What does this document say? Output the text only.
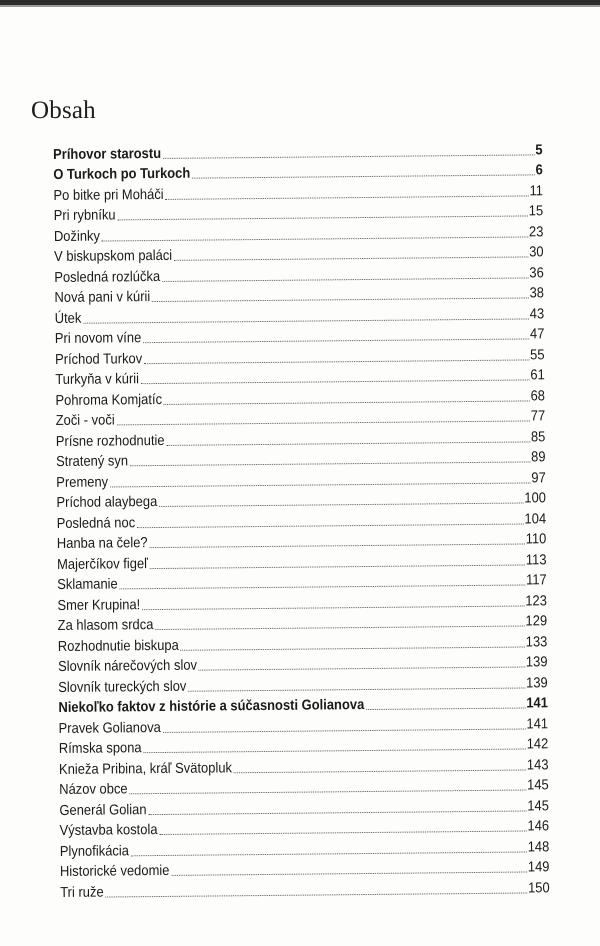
Obsah
Príhovor starostu	5
O Turkoch po Turkoch	6
Po bitke pri Moháči	11
Pri rybníku	15
Dožinky	23
V biskupskom paláci	30
Posledná rozlúčka	36
Nová pani v kúrii	38
Útek	43
Pri novom víne	47
Príchod Turkov	55
Turkyňa v kúrii	61
Pohroma Komjatíc	68
Zoči - voči	77
Prísne rozhodnutie	85
Stratený syn	89
Premeny	97
Príchod alaybega	100
Posledná noc	104
Hanba na čele?	110
Majerčíkov figeľ	113
Sklamanie	117
Smer Krupina!	123
Za hlasom srdca	129
Rozhodnutie biskupa	133
Slovník nárečových slov	139
Slovník tureckých slov	139
Niekoľko faktov z histórie a súčasnosti Golianova	141
Pravek Golianova	141
Rímska spona	142
Knieža Pribina, kráľ Svätopluk	143
Názov obce	145
Generál Golian	145
Výstavba kostola	146
Plynofikácia	148
Historické vedomie	149
Tri ruže	150
